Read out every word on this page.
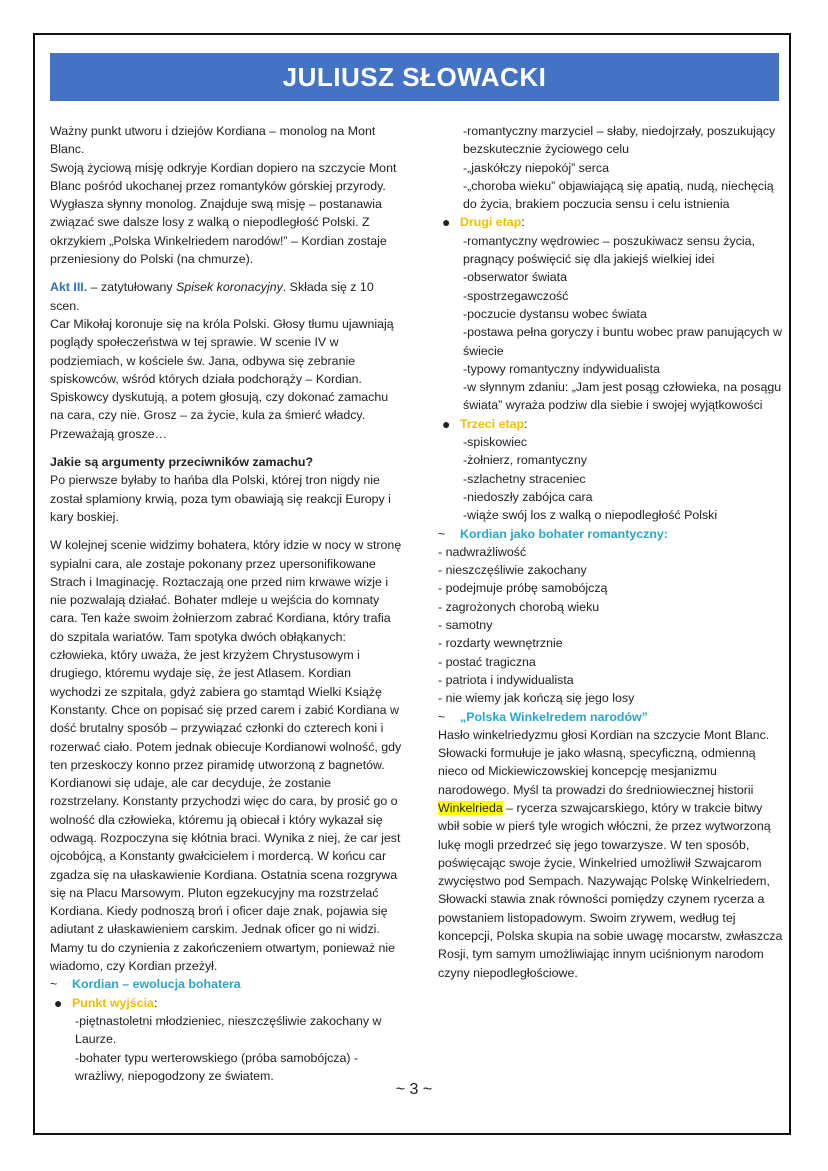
JULIUSZ SŁOWACKI

Ważny punkt utworu i dziejów Kordiana – monolog na Mont Blanc.

Swoją życiową misję odkryje Kordian dopiero na szczycie Mont Blanc pośród ukochanej przez romantyków górskiej przyrody. Wygłasza słynny monolog. Znajduje swą misję – postanawia związać swe dalsze losy z walką o niepodległość Polski. Z okrzykiem „Polska Winkelriedem narodów!” – Kordian zostaje przeniesiony do Polski (na chmurze).

Akt III. – zatytułowany Spisek koronacyjny. Składa się z 10 scen.

Car Mikołaj koronuje się na króla Polski. Głosy tłumu ujawniają poglądy społeczeństwa w tej sprawie. W scenie IV w podziemiach, w kościele św. Jana, odbywa się zebranie spiskowców, wśród których działa podchorąży – Kordian. Spiskowcy dyskutują, a potem głosują, czy dokonać zamachu na cara, czy nie. Grosz – za życie, kula za śmierć władcy. Przeważają grosze…

Jakie są argumenty przeciwników zamachu?

Po pierwsze byłaby to hańba dla Polski, której tron nigdy nie został splamiony krwią, poza tym obawiają się reakcji Europy i kary boskiej.

W kolejnej scenie widzimy bohatera, który idzie w nocy w stronę sypialni cara, ale zostaje pokonany przez upersonifikowane Strach i Imaginację. Roztaczają one przed nim krwawe wizje i nie pozwalają działać. Bohater mdleje u wejścia do komnaty cara. Ten każe swoim żołnierzom zabrać Kordiana, który trafia do szpitala wariatów. Tam spotyka dwóch obłąkanych: człowieka, który uważa, że jest krzyżem Chrystusowym i drugiego, któremu wydaje się, że jest Atlasem. Kordian wychodzi ze szpitala, gdyż zabiera go stamtąd Wielki Książę Konstanty. Chce on popisać się przed carem i zabić Kordiana w dość brutalny sposób – przywiązać członki do czterech koni i rozerwać ciało. Potem jednak obiecuje Kordianowi wolność, gdy ten przeskoczy konno przez piramidę utworzoną z bagnetów. Kordianowi się udaje, ale car decyduje, że zostanie rozstrzelany. Konstanty przychodzi więc do cara, by prosić go o wolność dla człowieka, któremu ją obiecał i który wykazał się odwagą. Rozpoczyna się kłótnia braci. Wynika z niej, że car jest ojcobójcą, a Konstanty gwałcicielem i mordercą. W końcu car zgadza się na ułaskawienie Kordiana. Ostatnia scena rozgrywa się na Placu Marsowym. Pluton egzekucyjny ma rozstrzelać Kordiana. Kiedy podnoszą broń i oficer daje znak, pojawia się adiutant z ułaskawieniem carskim. Jednak oficer go ni widzi. Mamy tu do czynienia z zakończeniem otwartym, ponieważ nie wiadomo, czy Kordian przeżył.

~	Kordian – ewolucja bohatera
● Punkt wyjścia:

-piętnastoletni młodzieniec, nieszczęśliwie zakochany w Laurze.

-bohater typu werterowskiego (próba samobójcza) - wrażliwy, niepogodzony ze światem.

-romantyczny marzyciel – słaby, niedojrzały, poszukujący bezskutecznie życiowego celu

-„jaskółczy niepokój” serca

-„choroba wieku” objawiającą się apatią, nudą, niechęcią do życia, brakiem poczucia sensu i celu istnienia

● Drugi etap:

-romantyczny wędrowiec – poszukiwacz sensu życia, pragnący poświęcić się dla jakiejś wielkiej idei

-obserwator świata

-spostrzegawczość

-poczucie dystansu wobec świata

-postawa pełna goryczy i buntu wobec praw panujących w świecie

-typowy romantyczny indywidualista

-w słynnym zdaniu: „Jam jest posąg człowieka, na posągu świata” wyraża podziw dla siebie i swojej wyjątkowości

● Trzeci etap:

-spiskowiec

-żołnierz, romantyczny

-szlachetny straceniec

-niedoszły zabójca cara

-wiąże swój los z walką o niepodległość Polski

~	Kordian jako bohater romantyczny:

- nadwrażliwość

- nieszczęśliwie zakochany

- podejmuje próbę samobójczą

- zagrożonych chorobą wieku

- samotny

- rozdarty wewnętrznie

- postać tragiczna

- patriota i indywidualista

- nie wiemy jak kończą się jego losy

~	„Polska Winkelredem narodów”

Hasło winkelriedyzmu głosi Kordian na szczycie Mont Blanc. Słowacki formułuje je jako własną, specyficzną, odmienną nieco od Mickiewiczowskiej koncepcję mesjanizmu narodowego. Myśl ta prowadzi do średniowiecznej historii Winkelrieda – rycerza szwajcarskiego, który w trakcie bitwy wbił sobie w pierś tyle wrogich włóczni, że przez wytworzoną lukę mogli przedrzeć się jego towarzysze. W ten sposób, poświęcając swoje życie, Winkelried umożliwił Szwajcarom zwycięstwo pod Sempach. Nazywając Polskę Winkelriedem, Słowacki stawia znak równości pomiędzy czynem rycerza a powstaniem listopadowym. Swoim zrywem, według tej koncepcji, Polska skupia na sobie uwagę mocarstw, zwłaszcza Rosji, tym samym umożliwiając innym uciśnionym narodom czyny niepodległościowe.

~ 3 ~
